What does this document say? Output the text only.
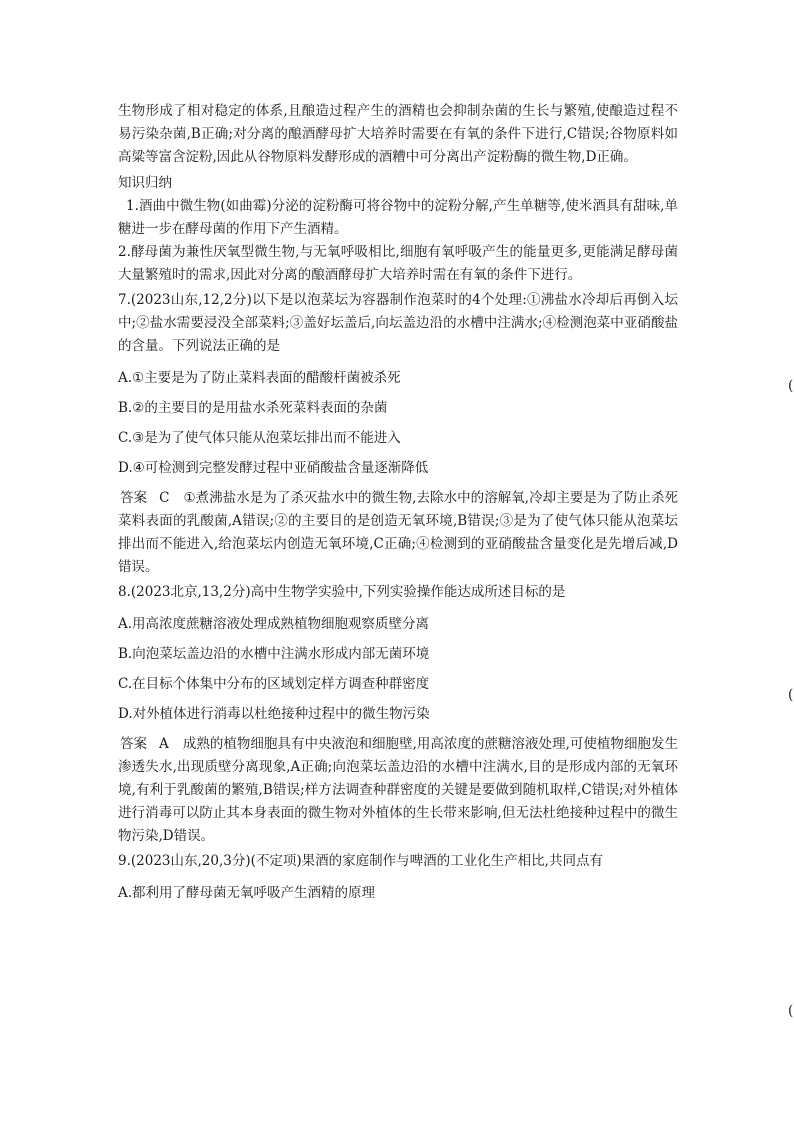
生物形成了相对稳定的体系,且酿造过程产生的酒精也会抑制杂菌的生长与繁殖,使酿造过程不易污染杂菌,B正确;对分离的酿酒酵母扩大培养时需要在有氧的条件下进行,C错误;谷物原料如高粱等富含淀粉,因此从谷物原料发酵形成的酒糟中可分离出产淀粉酶的微生物,D正确。

知识归纳

1.酒曲中微生物(如曲霉)分泌的淀粉酶可将谷物中的淀粉分解,产生单糖等,使米酒具有甜味,单糖进一步在酵母菌的作用下产生酒精。

2.酵母菌为兼性厌氧型微生物,与无氧呼吸相比,细胞有氧呼吸产生的能量更多,更能满足酵母菌大量繁殖时的需求,因此对分离的酿酒酵母扩大培养时需在有氧的条件下进行。

7.(2023山东,12,2分)以下是以泡菜坛为容器制作泡菜时的4个处理:①沸盐水冷却后再倒入坛中;②盐水需要浸没全部菜料;③盖好坛盖后,向坛盖边沿的水槽中注满水;④检测泡菜中亚硝酸盐的含量。下列说法正确的是

A.①主要是为了防止菜料表面的醋酸杆菌被杀死

B.②的主要目的是用盐水杀死菜料表面的杂菌

C.③是为了使气体只能从泡菜坛排出而不能进入

D.④可检测到完整发酵过程中亚硝酸盐含量逐渐降低

答案 C ①煮沸盐水是为了杀灭盐水中的微生物,去除水中的溶解氧,冷却主要是为了防止杀死菜料表面的乳酸菌,A错误;②的主要目的是创造无氧环境,B错误;③是为了使气体只能从泡菜坛排出而不能进入,给泡菜坛内创造无氧环境,C正确;④检测到的亚硝酸盐含量变化是先增后减,D错误。

8.(2023北京,13,2分)高中生物学实验中,下列实验操作能达成所述目标的是

A.用高浓度蔗糖溶液处理成熟植物细胞观察质壁分离

B.向泡菜坛盖边沿的水槽中注满水形成内部无菌环境

C.在目标个体集中分布的区域划定样方调查种群密度

D.对外植体进行消毒以杜绝接种过程中的微生物污染

答案 A 成熟的植物细胞具有中央液泡和细胞壁,用高浓度的蔗糖溶液处理,可使植物细胞发生渗透失水,出现质壁分离现象,A正确;向泡菜坛盖边沿的水槽中注满水,目的是形成内部的无氧环境,有利于乳酸菌的繁殖,B错误;样方法调查种群密度的关键是要做到随机取样,C错误;对外植体进行消毒可以防止其本身表面的微生物对外植体的生长带来影响,但无法杜绝接种过程中的微生物污染,D错误。

9.(2023山东,20,3分)(不定项)果酒的家庭制作与啤酒的工业化生产相比,共同点有

A.都利用了酵母菌无氧呼吸产生酒精的原理

(
(
(
